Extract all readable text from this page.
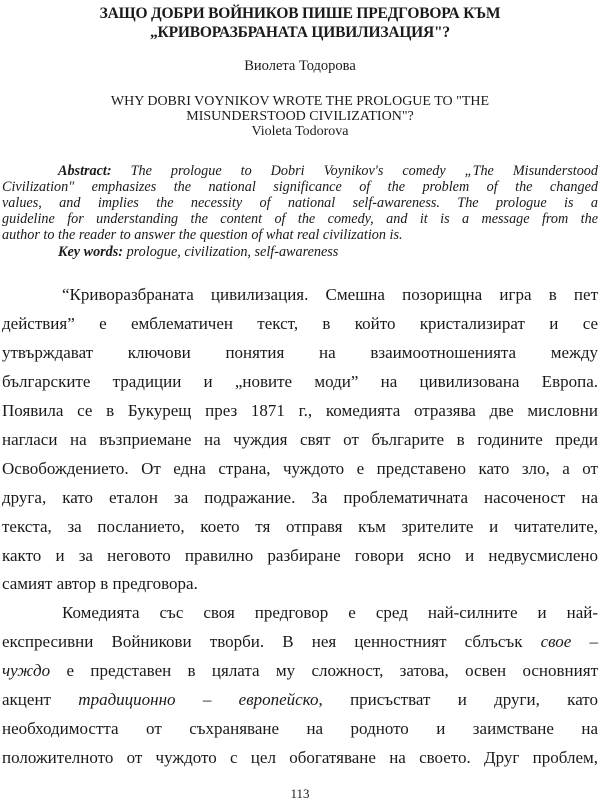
ЗАЩО ДОБРИ ВОЙНИКОВ ПИШЕ ПРЕДГОВОРА КЪМ
„КРИВОРАЗБРАНАТА ЦИВИЛИЗАЦИЯ"?
Виолета Тодорова
WHY DOBRI VOYNIKOV WROTE THE PROLOGUE TO "THE
MISUNDERSTOOD CIVILIZATION"?
Violeta Todorova
Abstract: The prologue to Dobri Voynikov's comedy „The Misunderstood
Civilization" emphasizes the national significance of the problem of the changed
values, and implies the necessity of national self-awareness. The prologue is a
guideline for understanding the content of the comedy, and it is a message from the
author to the reader to answer the question of what real civilization is.
Key words: prologue, civilization, self-awareness
“Криворазбраната цивилизация. Смешна позорищна игра в пет
действия” е емблематичен текст, в който кристализират и се
утвърждават ключови понятия на взаимоотношенията между
българските традиции и „новите моди” на цивилизована Европа.
Появила се в Букурещ през 1871 г., комедията отразява две мисловни
нагласи на възприемане на чуждия свят от българите в годините преди
Освобождението. От една страна, чуждото е представено като зло, а от
друга, като еталон за подражание. За проблематичната насоченост на
текста, за посланието, което тя отправя към зрителите и читателите,
както и за неговото правилно разбиране говори ясно и недвусмислено
самият автор в предговора.
Комедията със своя предговор е сред най-силните и най-
експресивни Войникови творби. В нея ценностният сблъсък свое –
чуждо е представен в цялата му сложност, затова, освен основният
акцент традиционно – европейско, присъстват и други, като
необходимостта от съхраняване на родното и заимстване на
положителното от чуждото с цел обогатяване на своето. Друг проблем,
113
